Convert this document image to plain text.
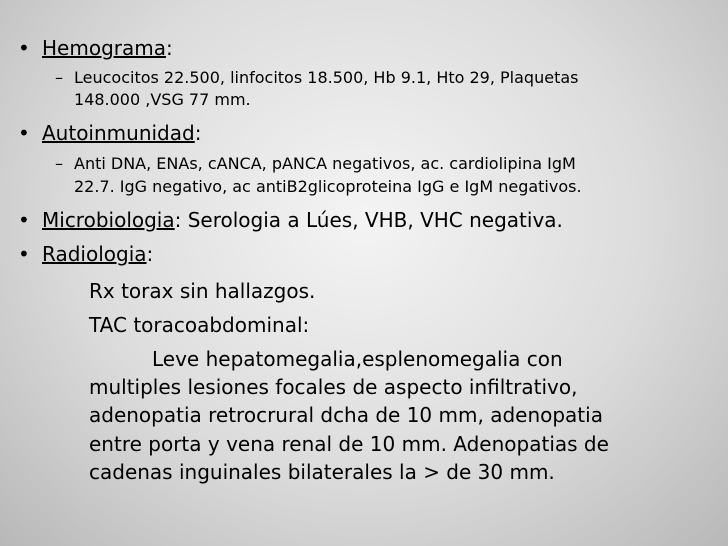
• Hemograma:
– Leucocitos 22.500, linfocitos 18.500, Hb 9.1, Hto 29, Plaquetas
148.000 ,VSG 77 mm.
• Autoinmunidad:
– Anti DNA, ENAs, cANCA, pANCA negativos, ac. cardiolipina IgM
22.7. IgG negativo, ac antiB2glicoproteina IgG e IgM negativos.
• Microbiologia: Serologia a Lúes, VHB, VHC negativa.
• Radiologia:
Rx torax sin hallazgos.
TAC toracoabdominal:
Leve hepatomegalia,esplenomegalia con
multiples lesiones focales de aspecto infiltrativo,
adenopatia retrocrural dcha de 10 mm, adenopatia
entre porta y vena renal de 10 mm. Adenopatias de
cadenas inguinales bilaterales la > de 30 mm.
